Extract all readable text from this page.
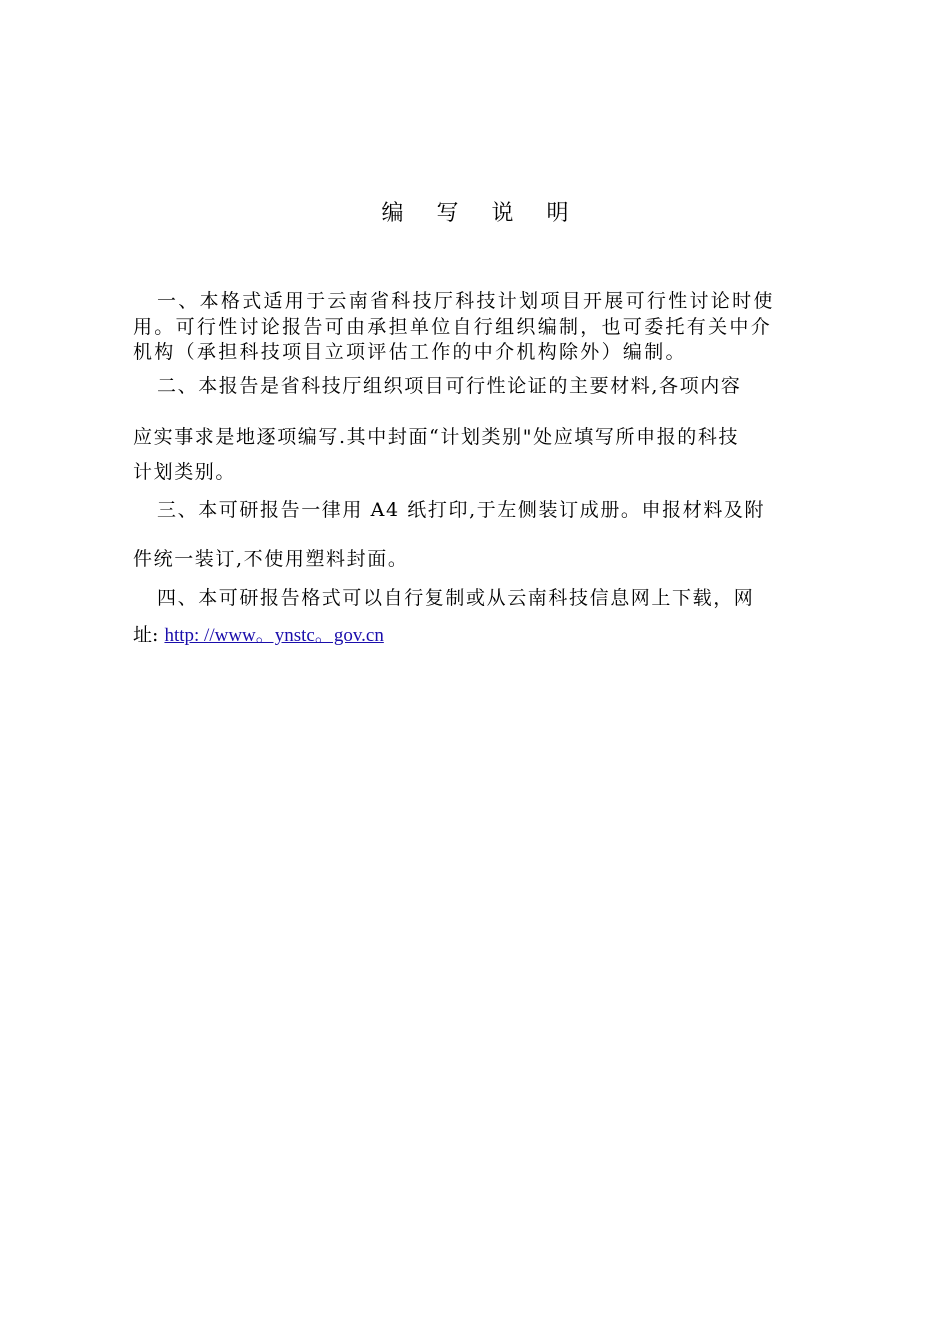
编 写 说 明
一、本格式适用于云南省科技厅科技计划项目开展可行性讨论时使
用。可行性讨论报告可由承担单位自行组织编制，也可委托有关中介
机构（承担科技项目立项评估工作的中介机构除外）编制。
二、本报告是省科技厅组织项目可行性论证的主要材料,各项内容
应实事求是地逐项编写.其中封面“计划类别"处应填写所申报的科技
计划类别。
三、本可研报告一律用 A4 纸打印,于左侧装订成册。申报材料及附
件统一装订,不使用塑料封面。
四、本可研报告格式可以自行复制或从云南科技信息网上下载，网
址: http: //www。ynstc。gov.cn
